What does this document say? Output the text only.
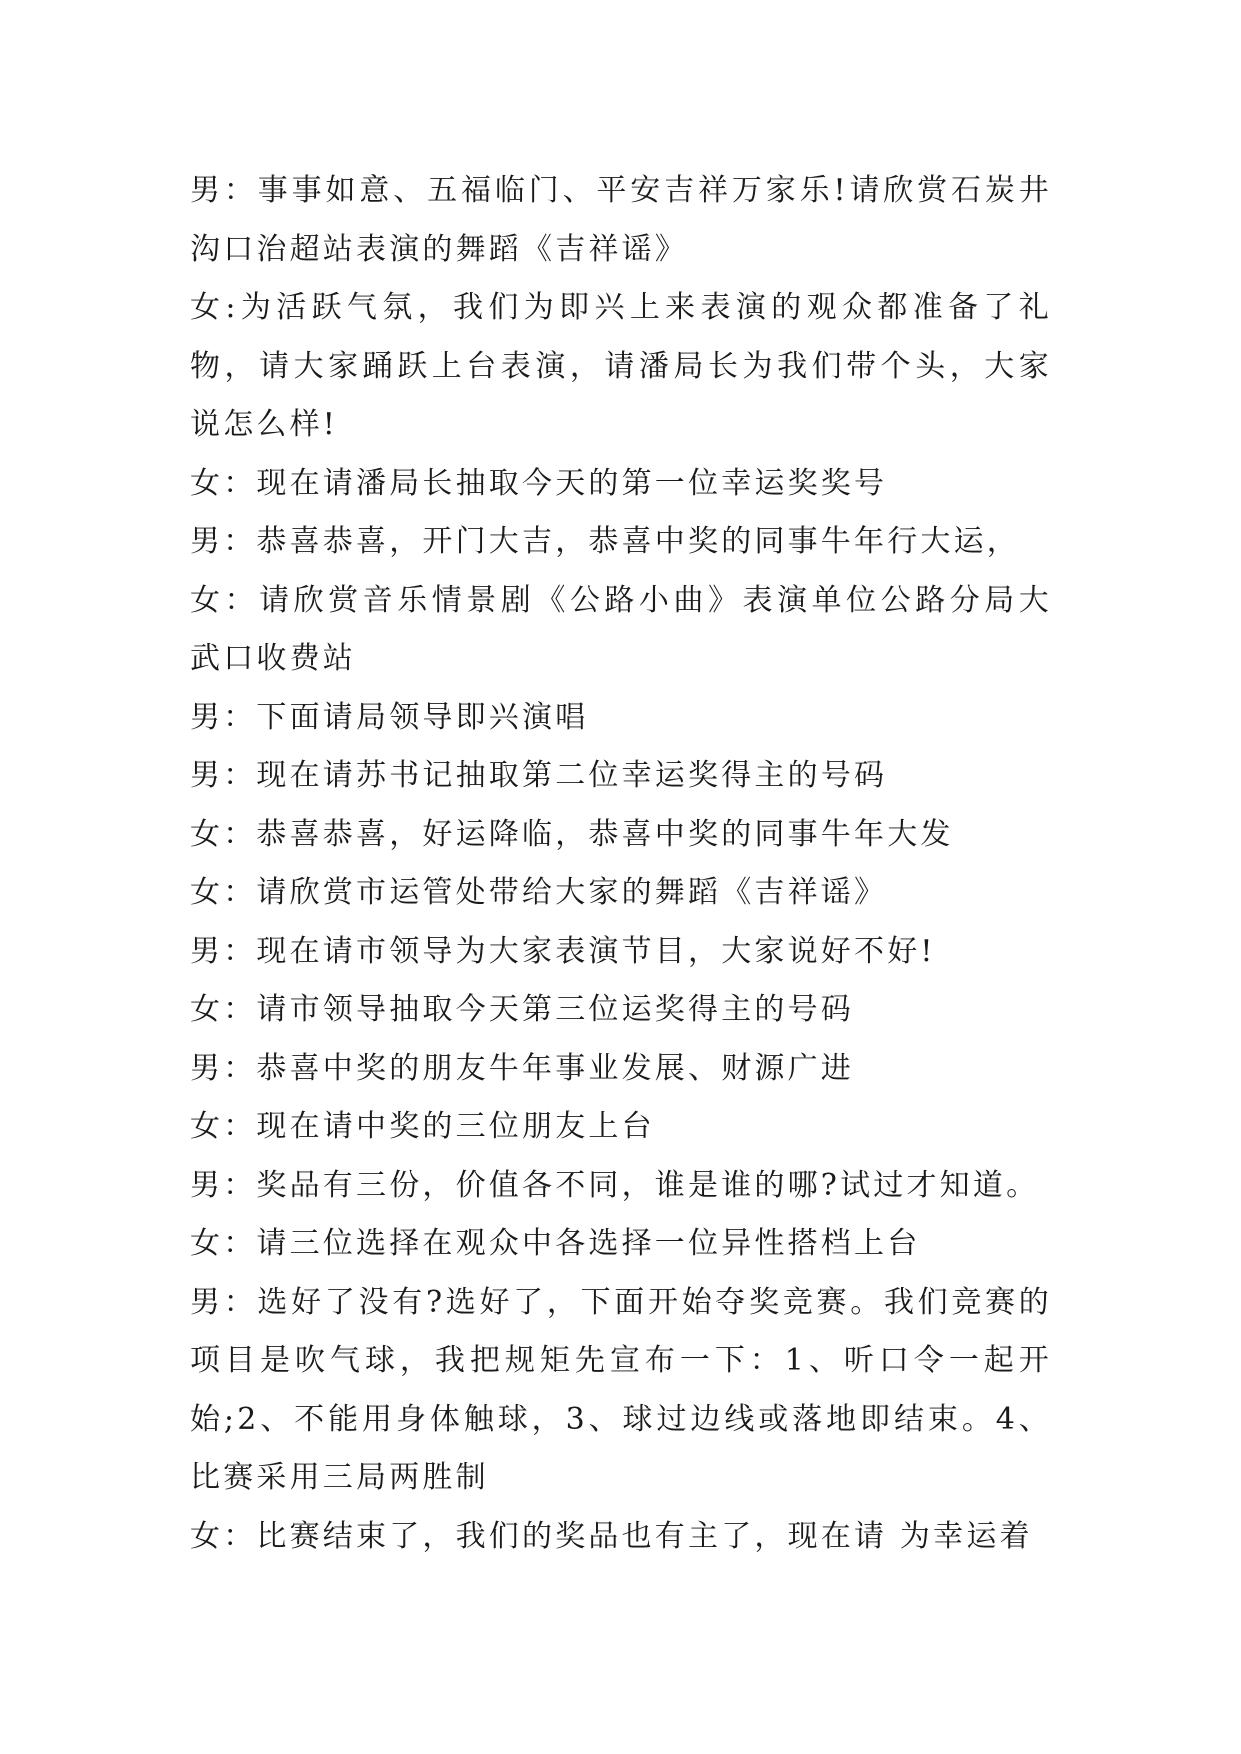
男：事事如意、五福临门、平安吉祥万家乐!请欣赏石炭井沟口治超站表演的舞蹈《吉祥谣》

女:为活跃气氛，我们为即兴上来表演的观众都准备了礼物，请大家踊跃上台表演，请潘局长为我们带个头，大家说怎么样!

女：现在请潘局长抽取今天的第一位幸运奖奖号

男：恭喜恭喜，开门大吉，恭喜中奖的同事牛年行大运，

女：请欣赏音乐情景剧《公路小曲》表演单位公路分局大武口收费站

男：下面请局领导即兴演唱

男：现在请苏书记抽取第二位幸运奖得主的号码

女：恭喜恭喜，好运降临，恭喜中奖的同事牛年大发

女：请欣赏市运管处带给大家的舞蹈《吉祥谣》

男：现在请市领导为大家表演节目，大家说好不好!

女：请市领导抽取今天第三位运奖得主的号码

男：恭喜中奖的朋友牛年事业发展、财源广进

女：现在请中奖的三位朋友上台

男：奖品有三份，价值各不同，谁是谁的哪?试过才知道。

女：请三位选择在观众中各选择一位异性搭档上台

男：选好了没有?选好了，下面开始夺奖竞赛。我们竞赛的项目是吹气球，我把规矩先宣布一下：1、听口令一起开始;2、不能用身体触球，3、球过边线或落地即结束。4、比赛采用三局两胜制

女：比赛结束了，我们的奖品也有主了，现在请 为幸运着
